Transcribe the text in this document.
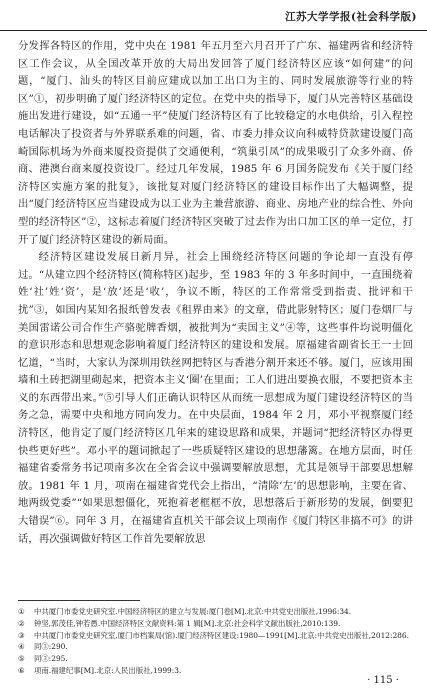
江苏大学学报(社会科学版)

分发挥各特区的作用，党中央在 1981 年五月至六月召开了广东、福建两省和经济特区工作会议，从全国改革开放的大局出发回答了厦门经济特区应该“如何建”的问题，“厦门、汕头的特区目前应建成以加工出口为主的、同时发展旅游等行业的特区”①，初步明确了厦门经济特区的定位。在党中央的指导下，厦门从完善特区基础设施出发进行建设，如“五通一平”使厦门经济特区有了比较稳定的水电供给，引入程控电话解决了投资者与外界联系难的问题，省、市委力排众议向科威特贷款建设厦门高崎国际机场为外商来厦投资提供了交通便利，“筑巢引凤”的成果吸引了众多外商、侨商、港澳台商来厦投资设厂。经过几年发展，1985 年 6 月国务院发布《关于厦门经济特区实施方案的批复》，该批复对厦门经济特区的建设目标作出了大幅调整，提出“厦门经济特区应当建设成为以工业为主兼营旅游、商业、房地产业的综合性、外向型的经济特区”②，这标志着厦门经济特区突破了过去作为出口加工区的单一定位，打开了厦门经济特区建设的新局面。

经济特区建设发展日新月异，社会上围绕经济特区问题的争论却一直没有停过。“从建立四个经济特区(简称特区)起步，至 1983 年的 3 年多时间中，一直围绕着姓‘社’姓‘资’，是‘放’还是‘收’，争议不断，特区的工作常常受到指责、批评和干扰”③，如国内某知名报纸曾发表《租界由来》的文章，借此影射特区；厦门卷烟厂与美国雷诺公司合作生产骆驼牌香烟，被批判为“卖国主义”④等，这些事件均说明僵化的意识形态和思想观念影响着厦门经济特区的建设和发展。原福建省副省长王一士回忆道，“当时，大家认为深圳用铁丝网把特区与香港分割开来还不够。厦门，应该用围墙和土砖把湖里砌起来，把资本主义‘圈’在里面；工人们进出要换衣服，不要把资本主义的东西带出来。”⑤引导人们正确认识特区从而统一思想成为厦门建设经济特区的当务之急，需要中央和地方同向发力。在中央层面，1984 年 2 月，邓小平视察厦门经济特区，他肯定了厦门经济特区几年来的建设思路和成果，并题词“把经济特区办得更快些更好些”。邓小平的题词掀起了一些质疑特区建设的思想藩篱。在地方层面，时任福建省委常务书记项南多次在全省会议中强调要解放思想，尤其是领导干部要思想解放。1981 年 1 月，项南在福建省党代会上指出，“清除‘左’的思想影响，主要在省、地两级党委”“如果思想僵化，死抱着老框框不放，思想落后于新形势的发展，倒要犯大错误”⑥。同年 3 月，在福建省直机关干部会议上项南作《厦门特区非搞不可》的讲话，再次强调做好特区工作首先要解放思

① 中共厦门市委党史研究室.中国经济特区的建立与发展:厦门卷[M].北京:中共党史出版社,1996:34.

② 钟坚,郭茂佳,钟若愚.中国经济特区文献资料:第 1 辑[M].北京:社会科学文献出版社,2010:139.

③ 中共厦门市委党史研究室,厦门市档案局(馆).厦门经济特区建设:1980—1991[M].北京:中共党史出版社,2012:286.

④ 同③:290.

⑤ 同③:295.

⑥ 项南.福建纪事[M].北京:人民出版社,1999:3.

· 115 ·
